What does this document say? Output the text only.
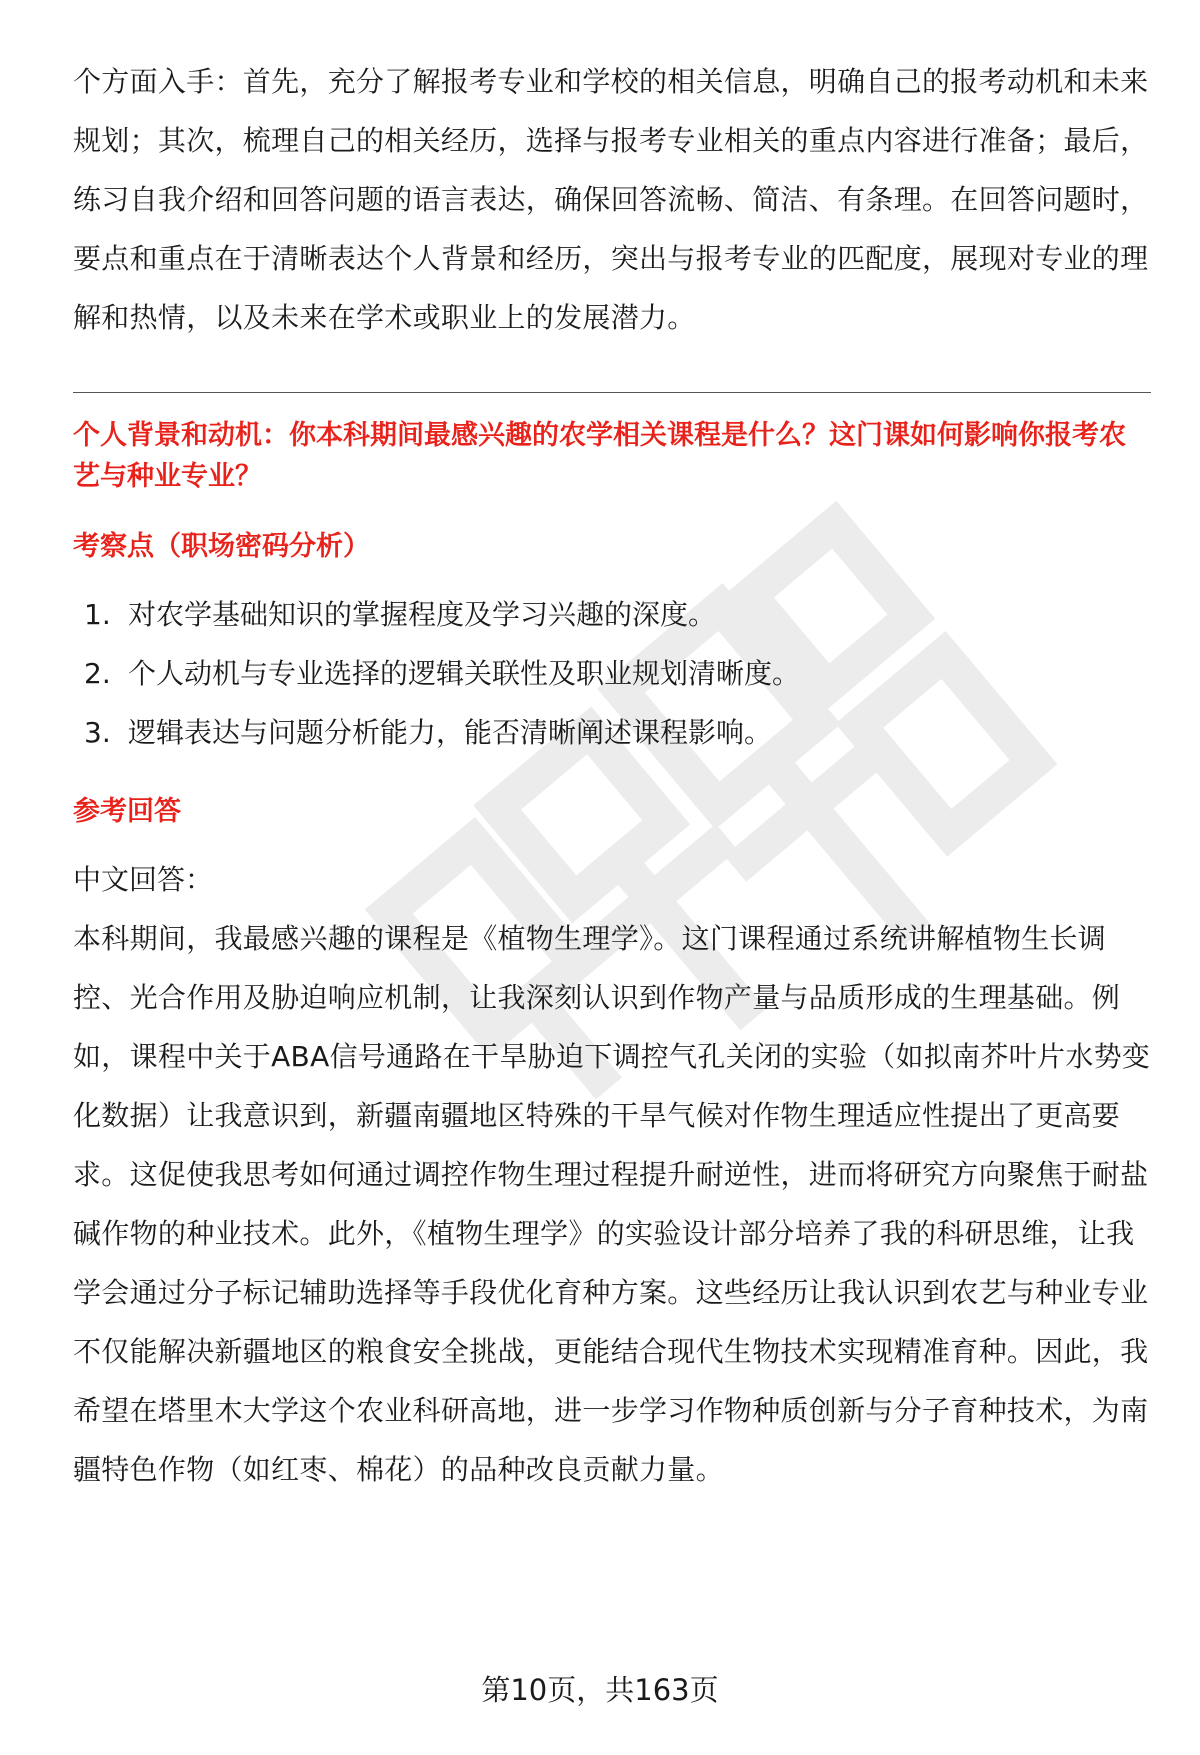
个方面入手：首先，充分了解报考专业和学校的相关信息，明确自己的报考动机和未来规划；其次，梳理自己的相关经历，选择与报考专业相关的重点内容进行准备；最后，练习自我介绍和回答问题的语言表达，确保回答流畅、简洁、有条理。在回答问题时，要点和重点在于清晰表达个人背景和经历，突出与报考专业的匹配度，展现对专业的理解和热情，以及未来在学术或职业上的发展潜力。

个人背景和动机：你本科期间最感兴趣的农学相关课程是什么？这门课如何影响你报考农艺与种业专业？

考察点（职场密码分析）
1. 对农学基础知识的掌握程度及学习兴趣的深度。
2. 个人动机与专业选择的逻辑关联性及职业规划清晰度。
3. 逻辑表达与问题分析能力，能否清晰阐述课程影响。
参考回答

中文回答：

本科期间，我最感兴趣的课程是《植物生理学》。这门课程通过系统讲解植物生长调控、光合作用及胁迫响应机制，让我深刻认识到作物产量与品质形成的生理基础。例如，课程中关于ABA信号通路在干旱胁迫下调控气孔关闭的实验（如拟南芥叶片水势变化数据）让我意识到，新疆南疆地区特殊的干旱气候对作物生理适应性提出了更高要求。这促使我思考如何通过调控作物生理过程提升耐逆性，进而将研究方向聚焦于耐盐碱作物的种业技术。此外，《植物生理学》的实验设计部分培养了我的科研思维，让我学会通过分子标记辅助选择等手段优化育种方案。这些经历让我认识到农艺与种业专业不仅能解决新疆地区的粮食安全挑战，更能结合现代生物技术实现精准育种。因此，我希望在塔里木大学这个农业科研高地，进一步学习作物种质创新与分子育种技术，为南疆特色作物（如红枣、棉花）的品种改良贡献力量。

第10页，共163页
